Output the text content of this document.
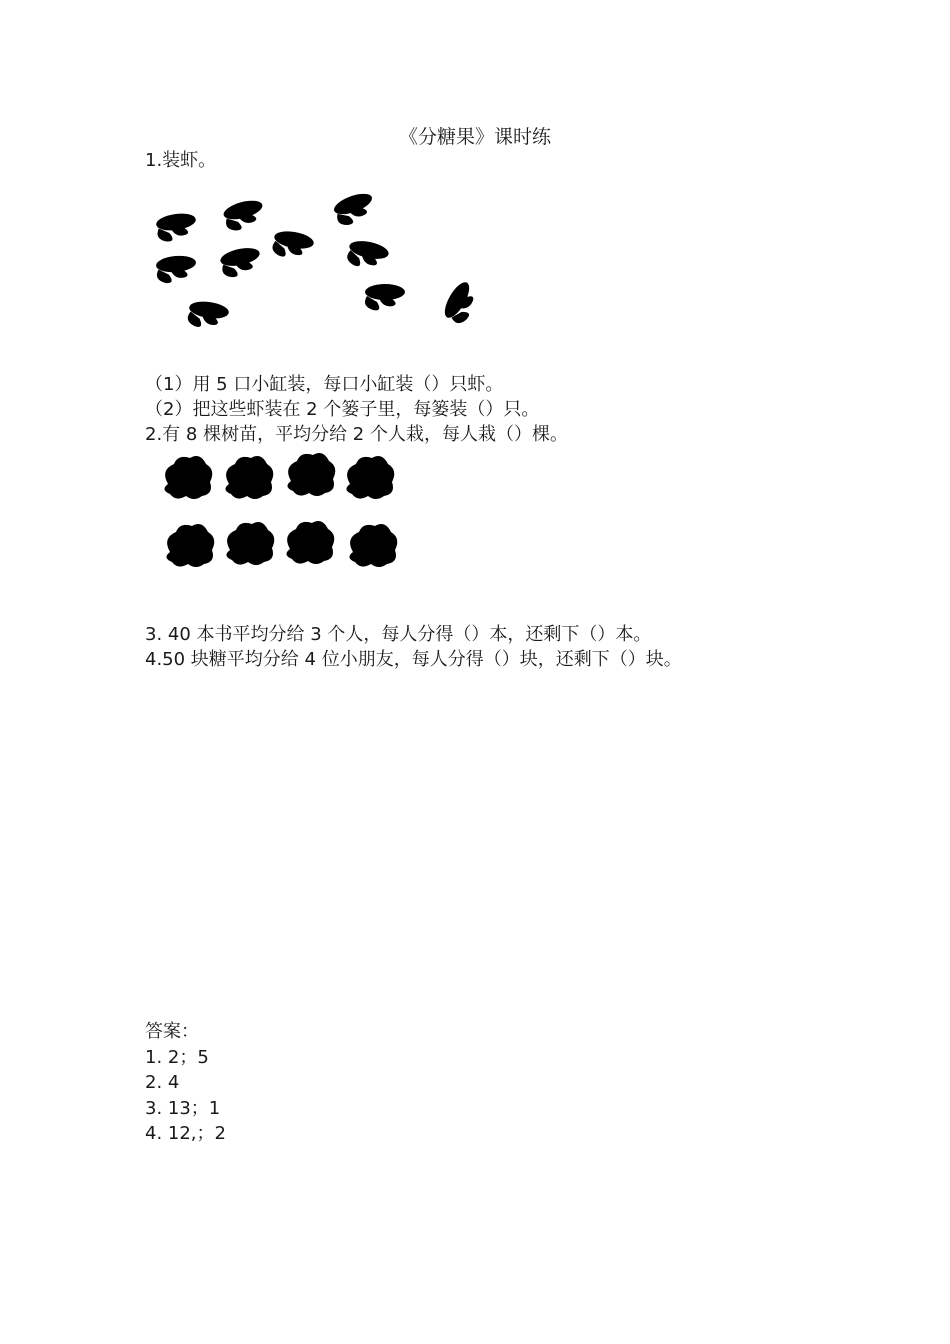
《分糖果》课时练
1.装虾。
（1）用 5 口小缸装，每口小缸装（）只虾。
（2）把这些虾装在 2 个篓子里，每篓装（）只。
2.有 8 棵树苗，平均分给 2 个人栽，每人栽（）棵。
3. 40 本书平均分给 3 个人，每人分得（）本，还剩下（）本。
4.50 块糖平均分给 4 位小朋友，每人分得（）块，还剩下（）块。
答案：
1. 2；5
2. 4
3. 13；1
4. 12,；2
